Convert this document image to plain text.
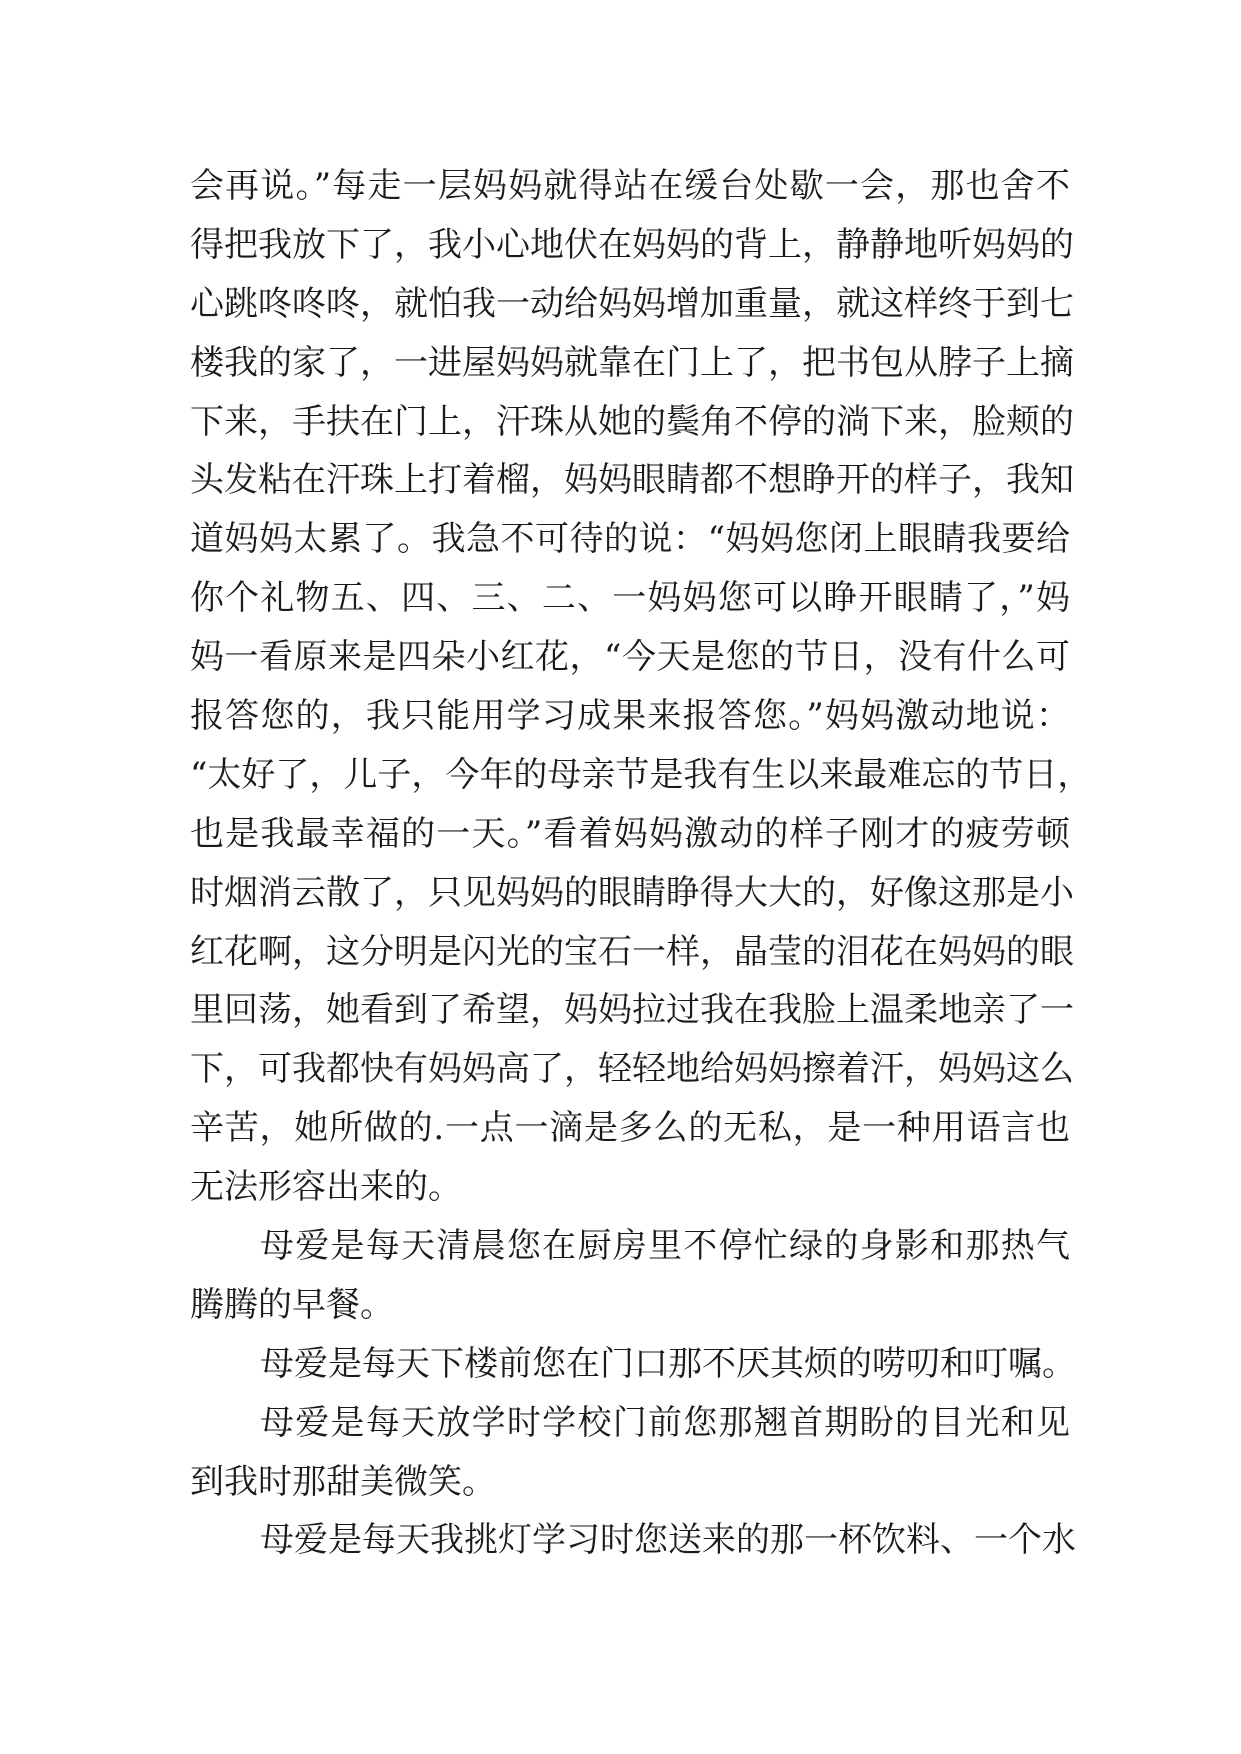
会再说。”每走一层妈妈就得站在缓台处歇一会，那也舍不
得把我放下了，我小心地伏在妈妈的背上，静静地听妈妈的
心跳咚咚咚，就怕我一动给妈妈增加重量，就这样终于到七
楼我的家了，一进屋妈妈就靠在门上了，把书包从脖子上摘
下来，手扶在门上，汗珠从她的鬓角不停的淌下来，脸颊的
头发粘在汗珠上打着榴，妈妈眼睛都不想睁开的样子，我知
道妈妈太累了。我急不可待的说：“妈妈您闭上眼睛我要给
你个礼物五、四、三、二、一妈妈您可以睁开眼睛了，”妈
妈一看原来是四朵小红花，“今天是您的节日，没有什么可
报答您的，我只能用学习成果来报答您。”妈妈激动地说：
“太好了，儿子，今年的母亲节是我有生以来最难忘的节日，
也是我最幸福的一天。”看着妈妈激动的样子刚才的疲劳顿
时烟消云散了，只见妈妈的眼睛睁得大大的，好像这那是小
红花啊，这分明是闪光的宝石一样，晶莹的泪花在妈妈的眼
里回荡，她看到了希望，妈妈拉过我在我脸上温柔地亲了一
下，可我都快有妈妈高了，轻轻地给妈妈擦着汗，妈妈这么
辛苦，她所做的.一点一滴是多么的无私，是一种用语言也
无法形容出来的。
母爱是每天清晨您在厨房里不停忙绿的身影和那热气
腾腾的早餐。
母爱是每天下楼前您在门口那不厌其烦的唠叨和叮嘱。
母爱是每天放学时学校门前您那翘首期盼的目光和见
到我时那甜美微笑。
母爱是每天我挑灯学习时您送来的那一杯饮料、一个水
